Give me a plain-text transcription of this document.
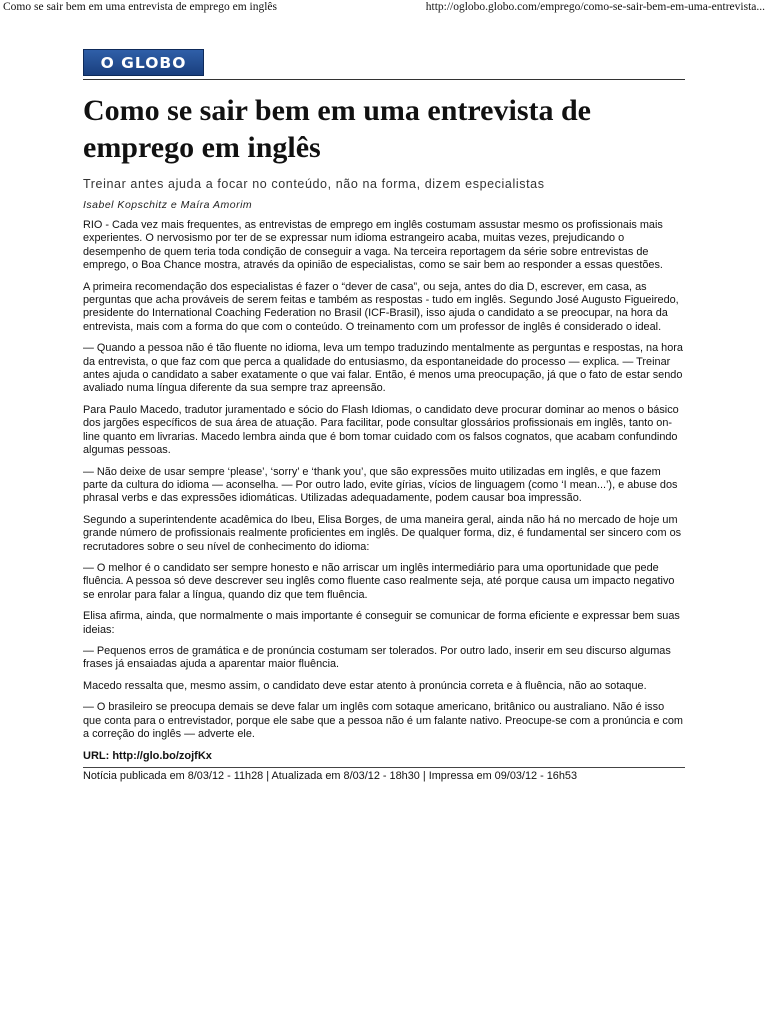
Como se sair bem em uma entrevista de emprego em inglês	http://oglobo.globo.com/emprego/como-se-sair-bem-em-uma-entrevista...
O GLOBO
Como se sair bem em uma entrevista de emprego em inglês

Treinar antes ajuda a focar no conteúdo, não na forma, dizem especialistas

Isabel Kopschitz e Maíra Amorim

RIO - Cada vez mais frequentes, as entrevistas de emprego em inglês costumam assustar mesmo os profissionais mais experientes. O nervosismo por ter de se expressar num idioma estrangeiro acaba, muitas vezes, prejudicando o desempenho de quem teria toda condição de conseguir a vaga. Na terceira reportagem da série sobre entrevistas de emprego, o Boa Chance mostra, através da opinião de especialistas, como se sair bem ao responder a essas questões.

A primeira recomendação dos especialistas é fazer o “dever de casa”, ou seja, antes do dia D, escrever, em casa, as perguntas que acha prováveis de serem feitas e também as respostas - tudo em inglês. Segundo José Augusto Figueiredo, presidente do International Coaching Federation no Brasil (ICF-Brasil), isso ajuda o candidato a se preocupar, na hora da entrevista, mais com a forma do que com o conteúdo. O treinamento com um professor de inglês é considerado o ideal.

— Quando a pessoa não é tão fluente no idioma, leva um tempo traduzindo mentalmente as perguntas e respostas, na hora da entrevista, o que faz com que perca a qualidade do entusiasmo, da espontaneidade do processo — explica. — Treinar antes ajuda o candidato a saber exatamente o que vai falar. Então, é menos uma preocupação, já que o fato de estar sendo avaliado numa língua diferente da sua sempre traz apreensão.

Para Paulo Macedo, tradutor juramentado e sócio do Flash Idiomas, o candidato deve procurar dominar ao menos o básico dos jargões específicos de sua área de atuação. Para facilitar, pode consultar glossários profissionais em inglês, tanto on-line quanto em livrarias. Macedo lembra ainda que é bom tomar cuidado com os falsos cognatos, que acabam confundindo algumas pessoas.

— Não deixe de usar sempre ‘please’, ‘sorry’ e ‘thank you’, que são expressões muito utilizadas em inglês, e que fazem parte da cultura do idioma — aconselha. — Por outro lado, evite gírias, vícios de linguagem (como ‘I mean...’), e abuse dos phrasal verbs e das expressões idiomáticas. Utilizadas adequadamente, podem causar boa impressão.

Segundo a superintendente acadêmica do Ibeu, Elisa Borges, de uma maneira geral, ainda não há no mercado de hoje um grande número de profissionais realmente proficientes em inglês. De qualquer forma, diz, é fundamental ser sincero com os recrutadores sobre o seu nível de conhecimento do idioma:

— O melhor é o candidato ser sempre honesto e não arriscar um inglês intermediário para uma oportunidade que pede fluência. A pessoa só deve descrever seu inglês como fluente caso realmente seja, até porque causa um impacto negativo se enrolar para falar a língua, quando diz que tem fluência.

Elisa afirma, ainda, que normalmente o mais importante é conseguir se comunicar de forma eficiente e expressar bem suas ideias:

— Pequenos erros de gramática e de pronúncia costumam ser tolerados. Por outro lado, inserir em seu discurso algumas frases já ensaiadas ajuda a aparentar maior fluência.

Macedo ressalta que, mesmo assim, o candidato deve estar atento à pronúncia correta e à fluência, não ao sotaque.

— O brasileiro se preocupa demais se deve falar um inglês com sotaque americano, britânico ou australiano. Não é isso que conta para o entrevistador, porque ele sabe que a pessoa não é um falante nativo. Preocupe-se com a pronúncia e com a correção do inglês — adverte ele.

URL: http://glo.bo/zojfKx

Notícia publicada em 8/03/12 - 11h28 | Atualizada em 8/03/12 - 18h30 | Impressa em 09/03/12 - 16h53
